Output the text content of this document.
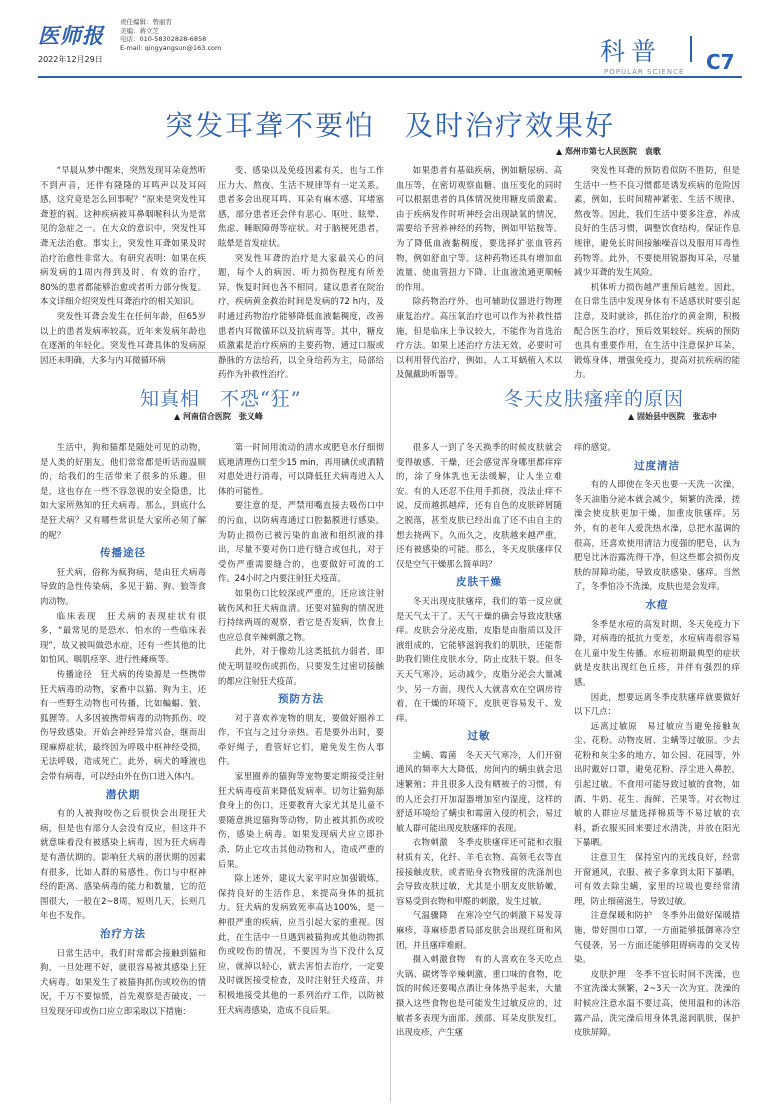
医师报
责任编辑：曾丽宵
美编：蒋立芝
电话：010-58302828-6858
E-mail: qingyangsun@163.com
2022年12月29日	科普
POPULAR SCIENCE C7
突发耳聋不要怕　及时治疗效果好
▲ 郑州市第七人民医院　袁歌

“早晨从梦中醒来，突然发现耳朵竟然听不到声音，还伴有隆隆的耳鸣声以及耳闷感，这究竟是怎么回事呢？”原来是突发性耳聋惹的祸。这种疾病被耳鼻咽喉科认为是常见的急症之一。在大众的意识中，突发性耳聋无法治愈。事实上，突发性耳聋如果及时治疗治愈性非常大。有研究表明：如果在疾病发病的1周内得到及时、有效的治疗，80%的患者都能够治愈或者听力部分恢复。本文详细介绍突发性耳聋治疗的相关知识。

突发性耳聋会发生在任何年龄，但65岁以上的患者发病率较高，近年来发病年龄也在逐渐的年轻化。突发性耳聋具体的发病原因还未明确，大多与内耳微循环病

变、感染以及免疫因素有关，也与工作压力大、熬夜、生活不规律等有一定关系。患者多会出现耳鸣、耳朵有麻木感、耳堵塞感，部分患者还会伴有恶心、呕吐、眩晕、焦虑、睡眠障碍等症状。对于脑梗死患者，眩晕是首发症状。

突发性耳聋的治疗是大家最关心的问题，每个人的病因、听力损伤程度有所差异，恢复时间也各不相同。建议患者在院治疗，疾病黄金救治时间是发病的72 h内，及时通过药物治疗能够降低血液黏稠度，改善患者内耳微循环以及抗病毒等。其中，糖皮质激素是治疗疾病的主要药物，通过口服或静脉的方法给药，以全身给药为主，局部给药作为补救性治疗。

如果患者有基础疾病，例如糖尿病、高血压等，在密切观察血糖、血压变化的同时可以根据患者的具体情况使用糖皮质激素。由于疾病发作时听神经会出现缺氧的情况，需要给予营养神经的药物，例如甲钴胺等。为了降低血液黏稠度，要选择扩张血管药物，例如舒血宁等。这种药物还具有增加血流量、使血管扭力下降、让血液流通更顺畅的作用。

除药物治疗外，也可辅助仪器进行物理康复治疗。高压氧治疗也可以作为补救性措施，但是临床上争议较大，不能作为首选治疗方法。如果上述治疗方法无效，必要时可以利用替代治疗，例如，人工耳蜗植入术以及佩戴助听器等。

突发性耳聋的预防看似防不胜防，但是生活中一些不良习惯都是诱发疾病的危险因素，例如，长时间精神紧张、生活不规律、熬夜等。因此，我们生活中要多注意，养成良好的生活习惯，调整饮食结构，保证作息规律，避免长时间接触噪音以及服用耳毒性药物等。此外，不要使用锐器掏耳朵，尽量减少耳聋的发生风险。

机体听力损伤越严重预后越差。因此，在日常生活中发现身体有不适感状时要引起注意，及时就诊，抓住治疗的黄金期，积极配合医生治疗，预后效果较好。疾病的预防也具有重要作用，在生活中注意保护耳朵，锻炼身体，增强免疫力，提高对抗疾病的能力。

知真相　不恐“狂”
▲ 河南信合医院　张义峰

生活中，狗和猫都是随处可见的动物，是人类的好朋友。他们常常都是听话而温顺的，给我们的生活带来了很多的乐趣。但是，这也存在一些不容忽视的安全隐患，比如大家所熟知的狂犬病毒。那么，到底什么是狂犬病？又有哪些常识是大家所必须了解的呢？

传播途径

狂犬病，俗称为疯狗病，是由狂犬病毒导致的急性传染病，多见于猫、狗、狼等食肉动物。

临床表现　狂犬病的表现症状有很多，“最常见的是恐水、怕水的一些临床表现”，故又被叫做恐水症，还有一些其他的比如怕风、咽肌痉挛、进行性瘫痪等。

传播途径　狂犬病的传染源是一些携带狂犬病毒的动物，家畜中以猫、狗为主，还有一些野生动物也可传播，比如蝙蝠、狼、狐狸等。人多因被携带病毒的动物抓伤、咬伤导致感染。开始会神经异常兴奋，继而出现麻痹症状，最终因为呼吸中枢神经受损，无法呼吸，造成死亡。此外，病犬的唾液也会带有病毒，可以经由外在伤口进入体内。

潜伏期

有的人被狗咬伤之后很快会出现狂犬病，但是也有部分人会没有反应，但这并不就意味着没有被感染上病毒，因为狂犬病毒是有潜伏期的。影响狂犬病的潜伏期的因素有很多，比如人群的易感性、伤口与中枢神经的距离、感染病毒的能力和数量，它的范围很大，一般在2~8周，短则几天，长则几年也不发作。

治疗方法

日常生活中，我们时常都会接触到猫和狗，一旦处理不好，就很容易被其感染上狂犬病毒。如果发生了被猫狗抓伤或咬伤的情况，千万不要惊慌，首先观察是否破皮，一旦发现牙印或伤口应立即采取以下措施：

第一时间用流动的清水或肥皂水仔细彻底地清理伤口至少15 min，再用碘伏或酒精对患处进行消毒，可以降低狂犬病毒进入人体的可能性。

要注意的是，严禁用嘴直接去吸伤口中的污血，以防病毒通过口腔黏膜进行感染。为防止损伤已被污染的血液和组织液的排出，尽量不要对伤口进行缝合或包扎，对于受伤严重需要缝合的，也要做好可流的工作。24小时之内要注射狂犬疫苗。

如果伤口比较深或严重的，还应该注射破伤风和狂犬病血清。还要对猫狗的情况进行持续两周的观察，看它是否发病，饮食上也应总食辛辣刺激之物。

此外，对于像幼儿这类抵抗力弱者，即使无明显咬伤或抓伤，只要发生过密切接触的都应注射狂犬疫苗。

预防方法

对于喜欢养宠物的朋友，要做好圈养工作，不宜与之过分亲热。若是要外出时，要牵好绳子，看管好它们，避免发生伤人事件。

家里圈养的猫狗等宠物要定期接受注射狂犬病毒疫苗来降低发病率。切勿让猫狗舔食身上的伤口，还要教育大家尤其是儿童不要随意挑逗猫狗等动物，防止被其抓伤或咬伤，感染上病毒。如果发现病犬应立即扑杀，防止它攻击其他动物和人，造成严重的后果。

除上述外，建议大家平时应加强锻炼，保持良好的生活作息，来提高身体的抵抗力。狂犬病的发病致死率高达100%，是一种很严重的疾病，应当引起大家的重视。因此，在生活中一旦遇到被猫狗或其他动物抓伤或咬伤的情况，不要因为当下没什么反应，就掉以轻心，就去害怕去治疗，一定要及时就医接受检查，及时注射狂犬疫苗，并积极地接受其他的一系列治疗工作，以防被狂犬病毒感染，造成不良后果。

冬天皮肤瘙痒的原因
▲ 固始县中医院　张志中

很多人一到了冬天换季的时候皮肤就会变得敏感、干燥，还会感觉浑身哪里都痒痒的，涂了身体乳也无法缓解，让人坐立难安。有的人还忍不住用手抓挠，没法止痒不说，反而越抓越痒，还有自色的皮肤碎屑随之脱落，甚至皮肤已经出血了还不由自主的想去挠两下。久而久之，皮肤越来越严重，还有被感染的可能。那么，冬天皮肤瘙痒仅仅是空气干燥那么简单吗？

皮肤干燥

冬天出现皮肤瘙痒，我们的第一反应就是天气太干了。天气干燥的确会导致皮肤瘙痒。皮肤会分泌皮脂，皮脂是由脂质以及汗液组成的，它能够滋润我们的肌肤，还能帮助我们锁住皮肤水分，防止皮肤干裂。但冬天天气寒冷，运动减少，皮脂分泌会大量减少，另一方面，现代人大就喜欢在空调房待着，在干燥的环境下，皮肤更容易发干、发痒。

过敏

尘螨、霉菌　冬天天气寒冷，人们开窗通风的频率大大降低，房间内的螨虫就会迅速繁殖；并且很多人没有晒被子的习惯，有的人还会打开加湿器增加室内湿度，这样的舒适环境给了螨虫和霉菌入侵的机会，易过敏人群可能出现皮肤瘙痒的表现。

衣物刺激　冬季皮肤瘙痒还可能和衣服材质有关，化纤、羊毛衣物、高领毛衣等直接接触皮肤，或者贴身衣物残留的洗涤剂也会导致皮肤过敏，尤其是小朋友皮肤娇嫩，容易受到衣物和甲醛的刺激，发生过敏。

气温骤降　在寒冷空气的刺激下易发荨麻疹，荨麻疹患者局部皮肤会出现红斑和风团，并且瘙痒难耐。

摄入刺激食物　有的人喜欢在冬天吃点火锅、碳烤等辛辣刺激、重口味的食物，吃饭的时候还要喝点酒让身体热乎起来，大量摄入这些食物也是可能发生过敏反应的，过敏者多表现为面部、颈部、耳朵皮肤发红，出现皮疹，产生瘙

痒的感觉。

过度清洁

有的人即使在冬天也要一天洗一次澡，冬天油脂分泌本就会减少，频繁的洗澡，搓澡会使皮肤更加干燥，加重皮肤瘙痒。另外，有的老年人爱洗热水澡，总把水温调的很高，还喜欢使用清洁力度强的肥皂，认为肥皂比沐浴露洗得干净，但这些都会损伤皮肤的屏障功能，导致皮肤感染、瘙痒。当然了，冬季怕冷不洗澡，皮肤也是会发痒。

水痘

冬季是水痘的高发时期，冬天免疫力下降，对病毒的抵抗力变差，水痘病毒很容易在儿童中发生传播。水痘初期最典型的症状就是皮肤出现红色丘疹，并伴有强烈的痒感。

因此，想要远离冬季皮肤瘙痒就要做好以下几点：

远离过敏原　易过敏应当避免接触灰尘、花粉、动物皮屑、尘螨等过敏原。少去花粉和灰尘多的地方，如公园、花园等，外出时戴好口罩，避免花粉、浮尘进入鼻腔，引起过敏。不食用可能导致过敏的食物，如酒、牛奶、花生、海鲜、芒果等。对衣物过敏的人群应尽量选择棉质等不易过敏的衣料，新衣服买回来要过水清洗，并放在阳光下暴晒。

注意卫生　保持室内的光线良好，经常开窗通风，衣服、被子多拿到太阳下暴晒，可有效去除尘螨，家里的垃圾也要经常清理，防止细菌滋生，导致过敏。

注意保暖和防护　冬季外出做好保暖措施，带好围巾口罩，一方面能够抵御寒冷空气侵袭，另一方面还能够阻碍病毒的交叉传染。

皮肤护理　冬季不宜长时间不洗澡，也不宜洗澡太频繁，2~3天一次为宜。洗澡的时候应注意水温不要过高，使用温和的沐浴露产品，洗完澡后用身体乳滋润肌肤，保护皮肤屏障。
